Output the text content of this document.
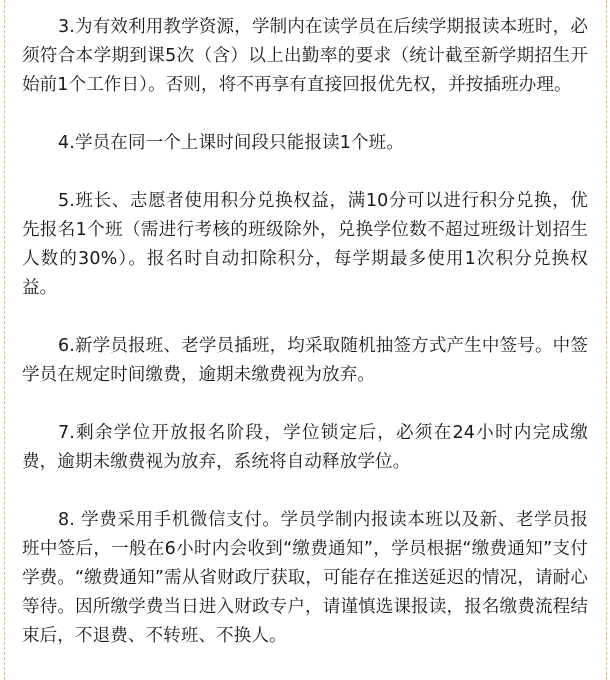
3.为有效利用教学资源，学制内在读学员在后续学期报读本班时，必须符合本学期到课5次（含）以上出勤率的要求（统计截至新学期招生开始前1个工作日）。否则，将不再享有直接回报优先权，并按插班办理。

4.学员在同一个上课时间段只能报读1个班。

5.班长、志愿者使用积分兑换权益，满10分可以进行积分兑换，优先报名1个班（需进行考核的班级除外，兑换学位数不超过班级计划招生人数的30%）。报名时自动扣除积分，每学期最多使用1次积分兑换权益。

6.新学员报班、老学员插班，均采取随机抽签方式产生中签号。中签学员在规定时间缴费，逾期未缴费视为放弃。

7.剩余学位开放报名阶段，学位锁定后，必须在24小时内完成缴费，逾期未缴费视为放弃，系统将自动释放学位。

8. 学费采用手机微信支付。学员学制内报读本班以及新、老学员报班中签后，一般在6小时内会收到“缴费通知”，学员根据“缴费通知”支付学费。“缴费通知”需从省财政厅获取，可能存在推送延迟的情况，请耐心等待。因所缴学费当日进入财政专户，请谨慎选课报读，报名缴费流程结束后，不退费、不转班、不换人。
